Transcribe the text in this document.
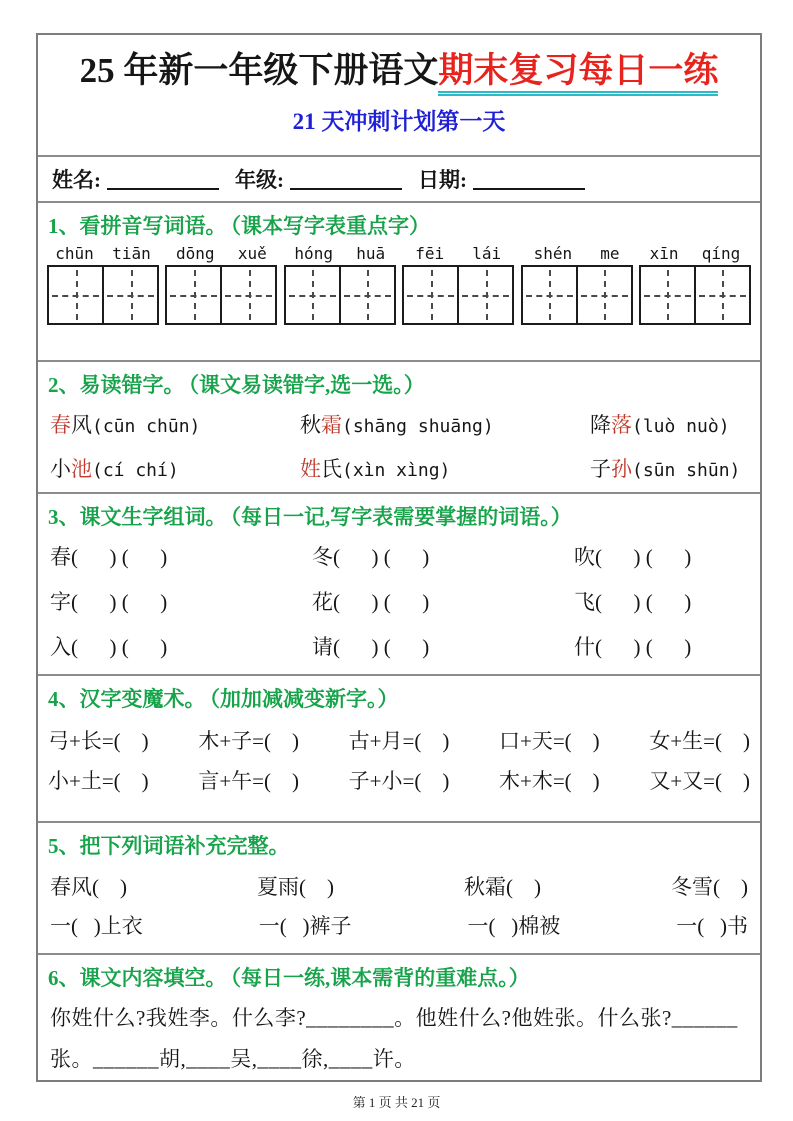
25 年新一年级下册语文期末复习每日一练
21 天冲刺计划第一天
姓名:	年级:	日期:
1、看拼音写词语。 （课本写字表重点字）
chūn tiān dōng xuě hóng huā fēi lái shén me xīn qíng
2、易读错字。 （课文易读错字,选一选。）
春风(cūn chūn)	秋霜(shāng shuāng)	降落(luò nuò)
小池(cí chí)	姓氏(xìn xìng)	子孙(sūn shūn)
3、课文生字组词。 （每日一记,写字表需要掌握的词语。）
春(      ) (      )	冬(      ) (      )	吹(      ) (      )
字(      ) (      )	花(      ) (      )	飞(      ) (      )
入(      ) (      )	请(      ) (      )	什(      ) (      )
4、汉字变魔术。 （加加减减变新字。）
弓+长=(    ) 木+子=(    ) 古+月=(    ) 口+天=(    ) 女+生=(    )
小+土=(    ) 言+午=(    ) 子+小=(    ) 木+木=(    ) 又+又=(    )
5、把下列词语补充完整。
春风(    )	夏雨(    )	秋霜(    )	冬雪(    )
一(   )上衣	一(   )裤子	一(   )棉被	一(   )书
6、课文内容填空。 （每日一练,课本需背的重难点。）
你姓什么?我姓李。什么李?________。他姓什么?他姓张。什么张?______张。______胡,____吴,____徐,____许。
第 1 页 共 21 页
